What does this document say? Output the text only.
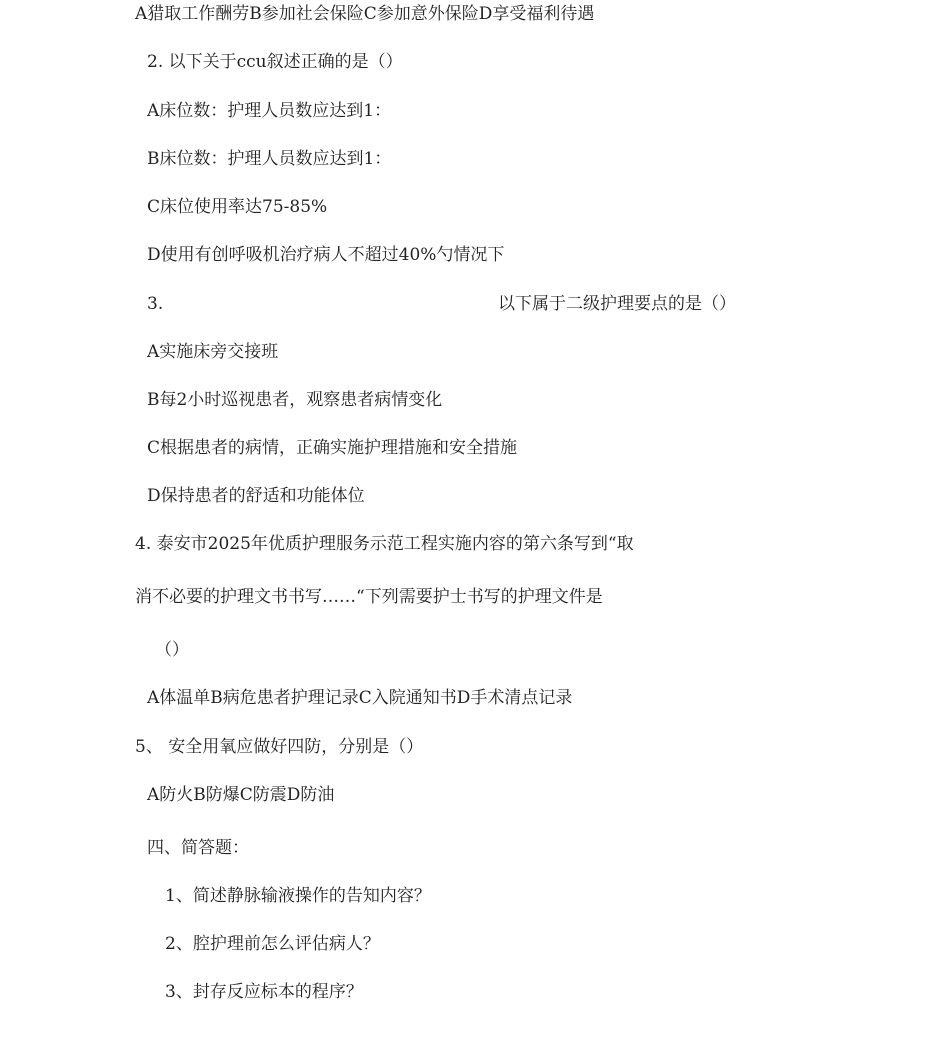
A猎取工作酬劳B参加社会保险C参加意外保险D享受福利待遇
2. 以下关于ccu叙述正确的是（）
A床位数：护理人员数应达到1：
B床位数：护理人员数应达到1：
C床位使用率达75-85%
D使用有创呼吸机治疗病人不超过40%勺情况下
3.	以下属于二级护理要点的是（）
A实施床旁交接班
B每2小时巡视患者，观察患者病情变化
C根据患者的病情，正确实施护理措施和安全措施
D保持患者的舒适和功能体位
4. 泰安市2025年优质护理服务示范工程实施内容的第六条写到“取
消不必要的护理文书书写……“下列需要护士书写的护理文件是
（）
A体温单B病危患者护理记录C入院通知书D手术清点记录
5、 安全用氧应做好四防，分别是（）
A防火B防爆C防震D防油
四、简答题：
1、简述静脉输液操作的告知内容？
2、腔护理前怎么评估病人？
3、封存反应标本的程序？
